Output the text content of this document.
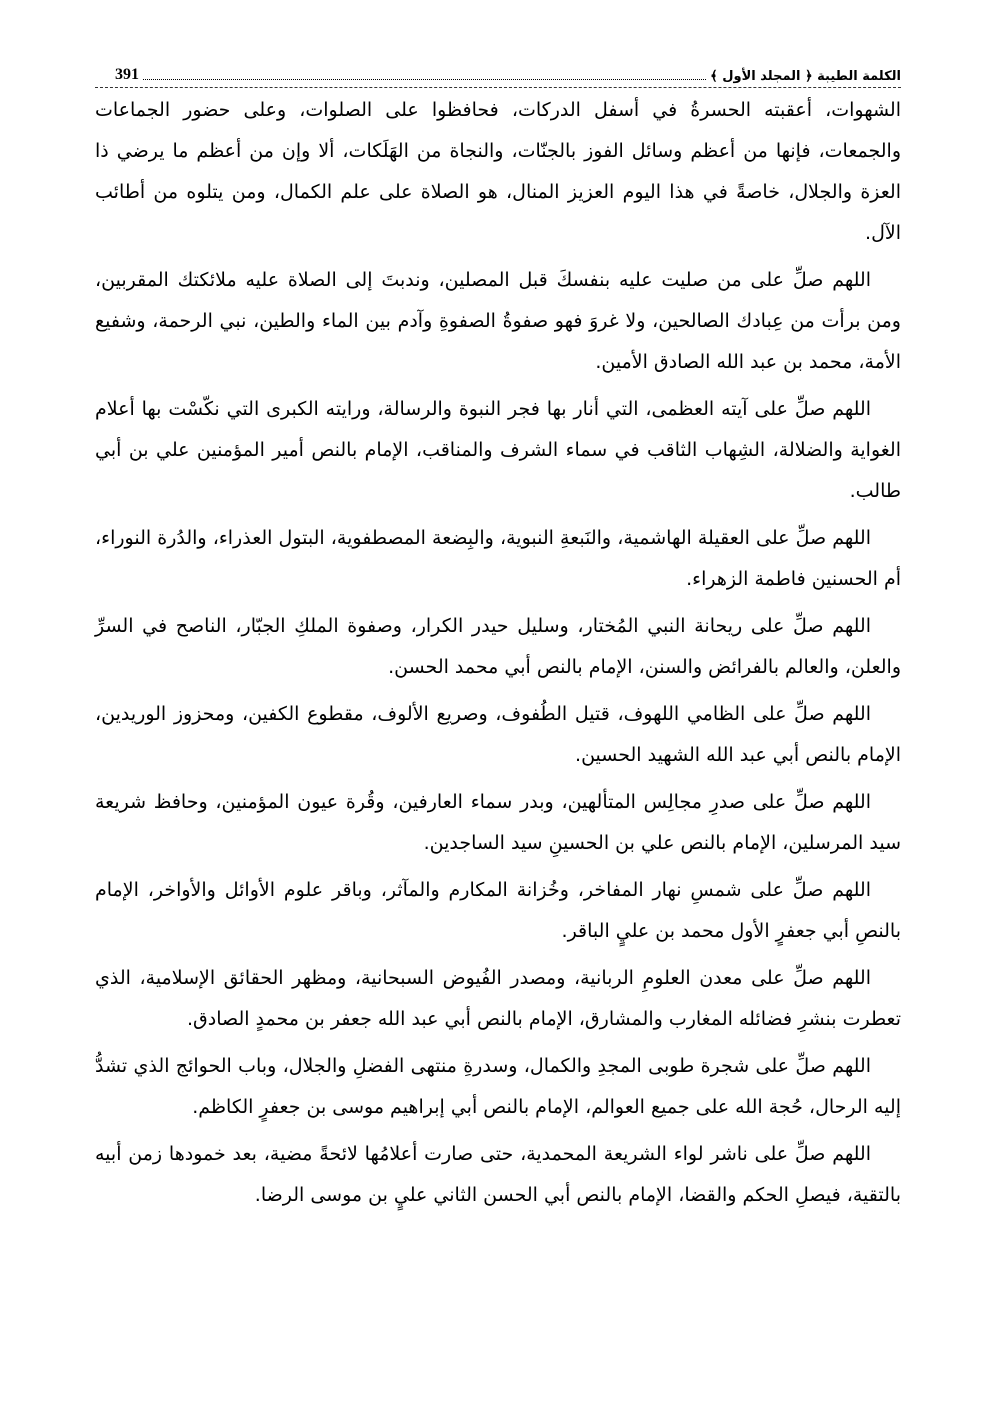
391	الكلمة الطيبة ﴿ المجلد الأول ﴾

الشهوات، أعقبته الحسرةُ في أسفل الدركات، فحافظوا على الصلوات، وعلى حضور الجماعات والجمعات، فإنها من أعظم وسائل الفوز بالجنّات، والنجاة من الهَلَكات، ألا وإن من أعظم ما يرضي ذا العزة والجلال، خاصةً في هذا اليوم العزيز المنال، هو الصلاة على علم الكمال، ومن يتلوه من أطائب الآل.

اللهم صلِّ على من صليت عليه بنفسكَ قبل المصلين، وندبتَ إلى الصلاة عليه ملائكتك المقربين، ومن برأت من عِبادك الصالحين، ولا غروَ فهو صفوةُ الصفوةِ وآدم بين الماء والطين، نبي الرحمة، وشفيع الأمة، محمد بن عبد الله الصادق الأمين.

اللهم صلِّ على آيته العظمى، التي أنار بها فجر النبوة والرسالة، ورايته الكبرى التي نكّسْت بها أعلام الغواية والضلالة، الشِهاب الثاقب في سماء الشرف والمناقب، الإمام بالنص أمير المؤمنين علي بن أبي طالب.

اللهم صلِّ على العقيلة الهاشمية، والنَبعةِ النبوية، والبِضعة المصطفوية، البتول العذراء، والدُرة النوراء، أم الحسنين فاطمة الزهراء.

اللهم صلِّ على ريحانة النبي المُختار، وسليل حيدر الكرار، وصفوة الملكِ الجبّار، الناصح في السرِّ والعلن، والعالم بالفرائض والسنن، الإمام بالنص أبي محمد الحسن.

اللهم صلِّ على الظامي اللهوف، قتيل الطُفوف، وصريع الألوف، مقطوع الكفين، ومحزوز الوريدين، الإمام بالنص أبي عبد الله الشهيد الحسين.

اللهم صلِّ على صدرِ مجالِس المتألهين، وبدر سماء العارفين، وقُرة عيون المؤمنين، وحافظ شريعة سيد المرسلين، الإمام بالنص علي بن الحسينِ سيد الساجدين.

اللهم صلِّ على شمسِ نهار المفاخر، وخُزانة المكارم والمآثر، وباقر علوم الأوائل والأواخر، الإمام بالنصِ أبي جعفرٍ الأول محمد بن عليٍ الباقر.

اللهم صلِّ على معدن العلومِ الربانية، ومصدر الفُيوض السبحانية، ومظهر الحقائق الإسلامية، الذي تعطرت بنشرِ فضائله المغارب والمشارق، الإمام بالنص أبي عبد الله جعفر بن محمدٍ الصادق.

اللهم صلِّ على شجرة طوبى المجدِ والكمال، وسدرةِ منتهى الفضلِ والجلال، وباب الحوائج الذي تشدُّ إليه الرحال، حُجة الله على جميع العوالم، الإمام بالنص أبي إبراهيم موسى بن جعفرٍ الكاظم.

اللهم صلِّ على ناشر لواء الشريعة المحمدية، حتى صارت أعلامُها لائحةً مضية، بعد خمودها زمن أبيه بالتقية، فيصلِ الحكم والقضا، الإمام بالنص أبي الحسن الثاني عليٍ بن موسى الرضا.
